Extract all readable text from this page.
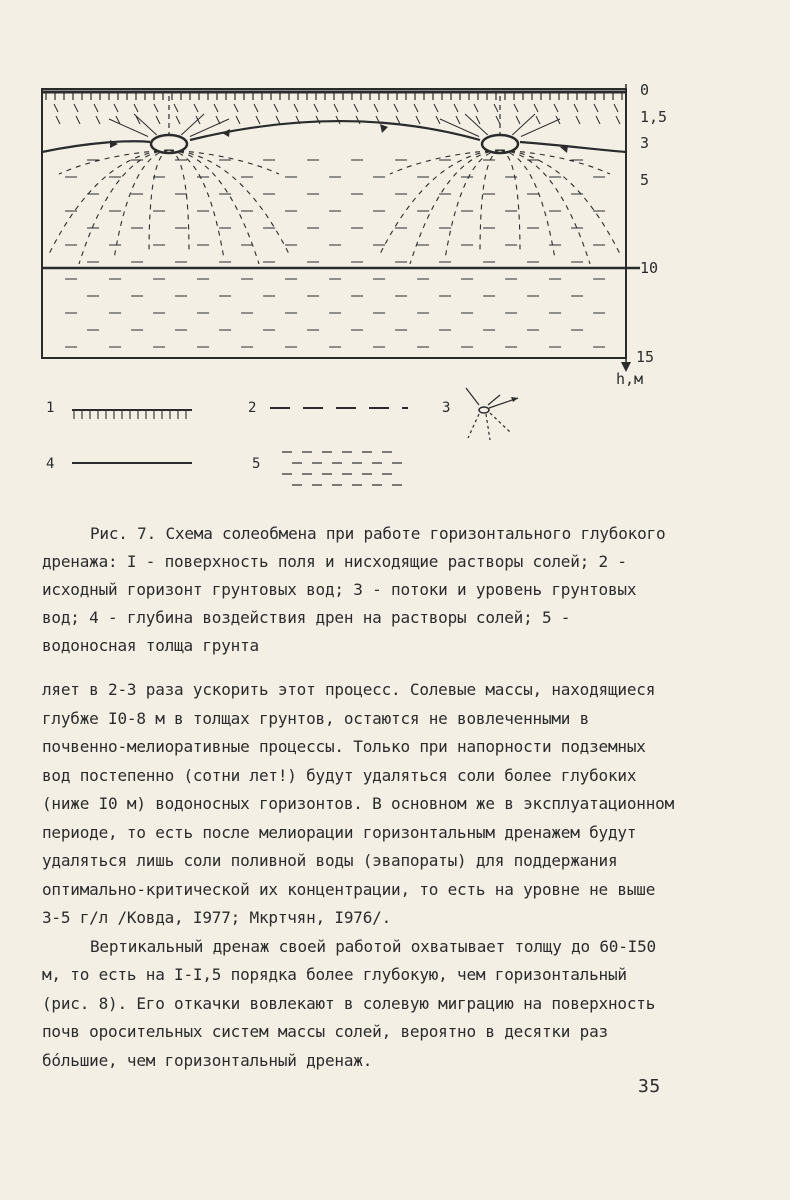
0
1,5
3
5
10
15
h,м
1	2	3
4	5

Рис. 7. Схема солеобмена при работе горизонтального глубокого дренажа: I - поверхность поля и нисходящие растворы солей; 2 - исходный горизонт грунтовых вод; 3 - потоки и уровень грунтовых вод; 4 - глубина воздействия дрен на растворы солей; 5 - водоносная толща грунта

ляет в 2-3 раза ускорить этот процесс. Солевые массы, находящиеся глубже I0-8 м в толщах грунтов, остаются не вовлеченными в почвенно-мелиоративные процессы. Только при напорности подземных вод постепенно (сотни лет!) будут удаляться соли более глубоких (ниже I0 м) водоносных горизонтов. В основном же в эксплуатационном периоде, то есть после мелиорации горизонтальным дренажем будут удаляться лишь соли поливной воды (эвапораты) для поддержания оптимально-критической их концентрации, то есть на уровне не выше 3-5 г/л /Ковда, I977; Мкртчян, I976/.

Вертикальный дренаж своей работой охватывает толщу до 60-I50 м, то есть на I-I,5 порядка более глубокую, чем горизонтальный (рис. 8). Его откачки вовлекают в солевую миграцию на поверхность почв оросительных систем массы солей, вероятно в десятки раз бóльшие, чем горизонтальный дренаж.

35
